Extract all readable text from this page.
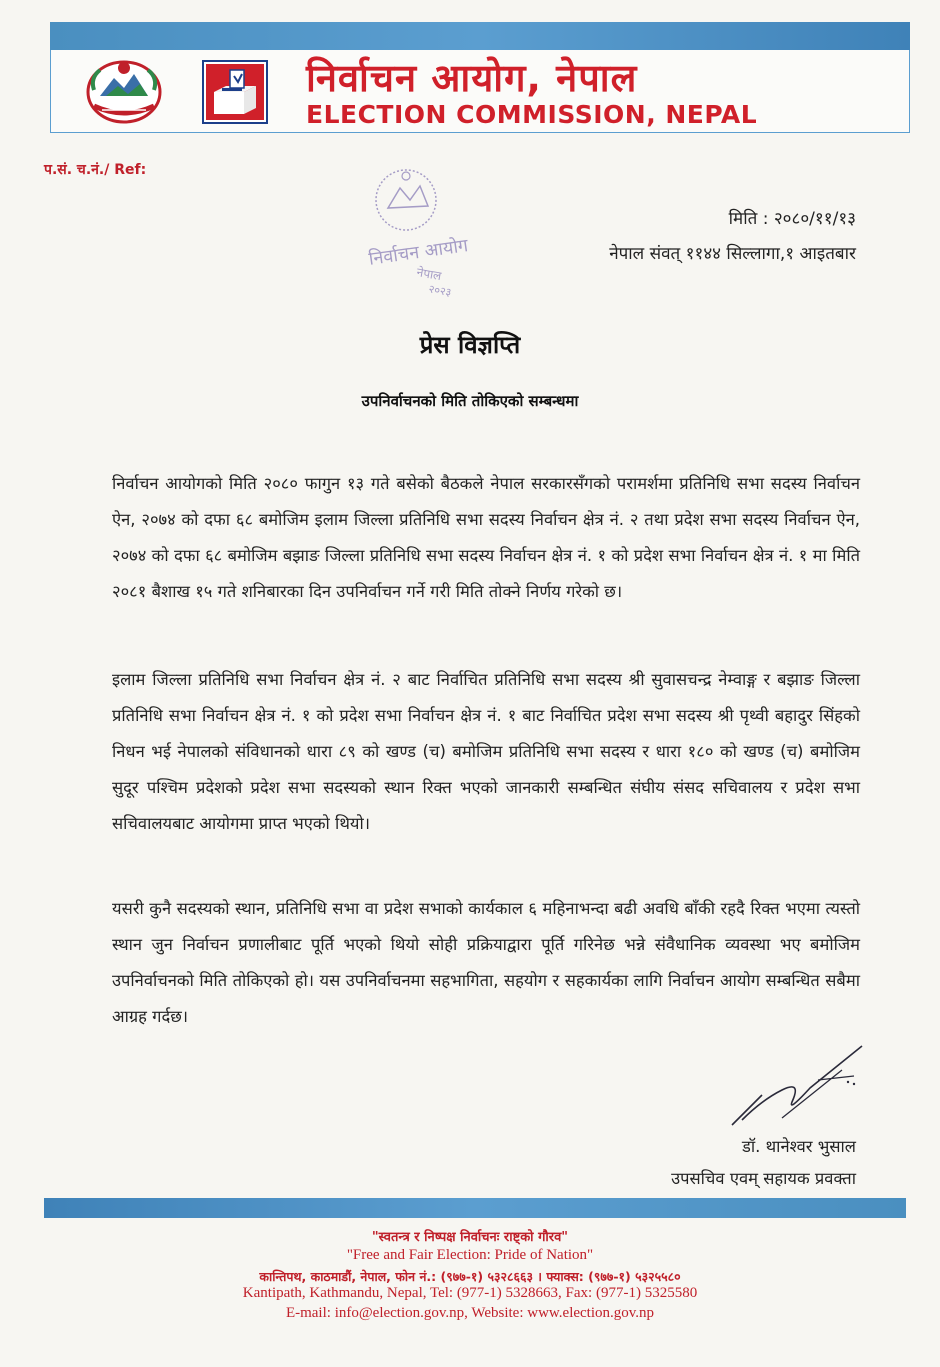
निर्वाचन आयोग, नेपाल
ELECTION COMMISSION, NEPAL
प.सं. च.नं./ Ref:
निर्वाचन आयोग
नेपाल
२०२३
मिति : २०८०/११/१३
नेपाल संवत् ११४४ सिल्लागा,१ आइतबार
प्रेस विज्ञप्ति
उपनिर्वाचनको मिति तोकिएको सम्बन्धमा
निर्वाचन आयोगको मिति २०८० फागुन १३ गते बसेको बैठकले नेपाल सरकारसँगको परामर्शमा प्रतिनिधि सभा सदस्य निर्वाचन ऐन, २०७४ को दफा ६८ बमोजिम इलाम जिल्ला प्रतिनिधि सभा सदस्य निर्वाचन क्षेत्र नं. २ तथा प्रदेश सभा सदस्य निर्वाचन ऐन, २०७४ को दफा ६८ बमोजिम बझाङ जिल्ला प्रतिनिधि सभा सदस्य निर्वाचन क्षेत्र नं. १ को प्रदेश सभा निर्वाचन क्षेत्र नं. १ मा मिति २०८१ बैशाख १५ गते शनिबारका दिन उपनिर्वाचन गर्ने गरी मिति तोक्ने निर्णय गरेको छ।
इलाम जिल्ला प्रतिनिधि सभा निर्वाचन क्षेत्र नं. २ बाट निर्वाचित प्रतिनिधि सभा सदस्य श्री सुवासचन्द्र नेम्वाङ्ग र बझाङ जिल्ला प्रतिनिधि सभा निर्वाचन क्षेत्र नं. १ को प्रदेश सभा निर्वाचन क्षेत्र नं. १ बाट निर्वाचित प्रदेश सभा सदस्य श्री पृथ्वी बहादुर सिंहको निधन भई नेपालको संविधानको धारा ८९ को खण्ड (च) बमोजिम प्रतिनिधि सभा सदस्य र धारा १८० को खण्ड (च) बमोजिम सुदूर पश्चिम प्रदेशको प्रदेश सभा सदस्यको स्थान रिक्त भएको जानकारी सम्बन्धित संघीय संसद सचिवालय र प्रदेश सभा सचिवालयबाट आयोगमा प्राप्त भएको थियो।
यसरी कुनै सदस्यको स्थान, प्रतिनिधि सभा वा प्रदेश सभाको कार्यकाल ६ महिनाभन्दा बढी अवधि बाँकी रहदै रिक्त भएमा त्यस्तो स्थान जुन निर्वाचन प्रणालीबाट पूर्ति भएको थियो सोही प्रक्रियाद्वारा पूर्ति गरिनेछ भन्ने संवैधानिक व्यवस्था भए बमोजिम उपनिर्वाचनको मिति तोकिएको हो। यस उपनिर्वाचनमा सहभागिता, सहयोग र सहकार्यका लागि निर्वाचन आयोग सम्बन्धित सबैमा आग्रह गर्दछ।
डॉ. थानेश्वर भुसाल
उपसचिव एवम् सहायक प्रवक्ता
"स्वतन्त्र र निष्पक्ष निर्वाचनः राष्ट्को गौरव"
"Free and Fair Election: Pride of Nation"
कान्तिपथ, काठमाडौं, नेपाल, फोन नं.: (९७७-१) ५३२८६६३ । फ्याक्स: (९७७-१) ५३२५५८०
Kantipath, Kathmandu, Nepal, Tel: (977-1) 5328663, Fax: (977-1) 5325580
E-mail: info@election.gov.np, Website: www.election.gov.np
